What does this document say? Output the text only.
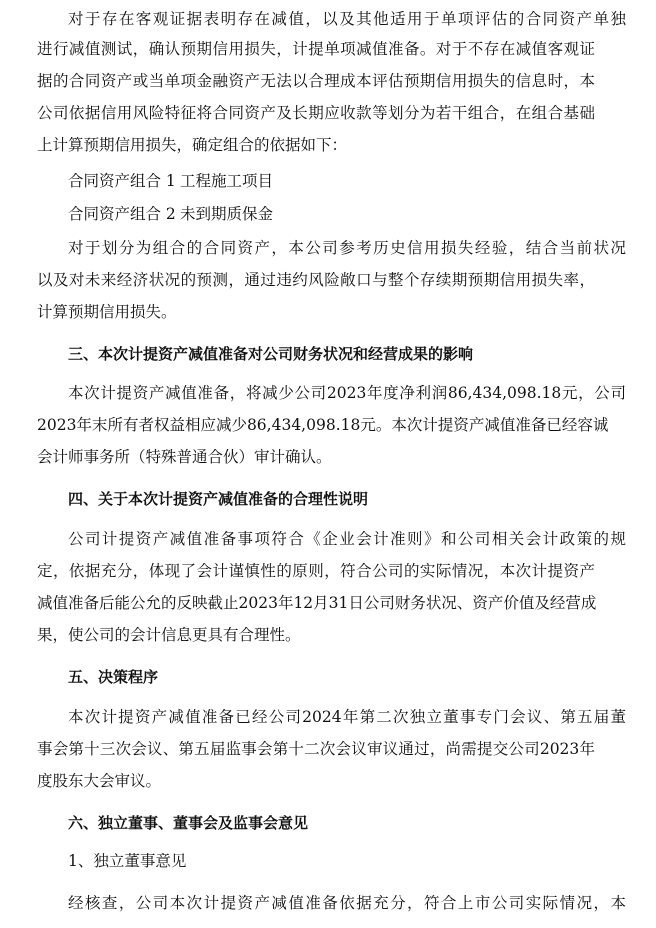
对于存在客观证据表明存在减值，以及其他适用于单项评估的合同资产单独
进行减值测试，确认预期信用损失，计提单项减值准备。对于不存在减值客观证
据的合同资产或当单项金融资产无法以合理成本评估预期信用损失的信息时，本
公司依据信用风险特征将合同资产及长期应收款等划分为若干组合，在组合基础
上计算预期信用损失，确定组合的依据如下：
合同资产组合 1 工程施工项目
合同资产组合 2 未到期质保金
对于划分为组合的合同资产，本公司参考历史信用损失经验，结合当前状况
以及对未来经济状况的预测，通过违约风险敞口与整个存续期预期信用损失率，
计算预期信用损失。
三、本次计提资产减值准备对公司财务状况和经营成果的影响
本次计提资产减值准备，将减少公司2023年度净利润86,434,098.18元，公司
2023年末所有者权益相应减少86,434,098.18元。本次计提资产减值准备已经容诚
会计师事务所（特殊普通合伙）审计确认。
四、关于本次计提资产减值准备的合理性说明
公司计提资产减值准备事项符合《企业会计准则》和公司相关会计政策的规
定，依据充分，体现了会计谨慎性的原则，符合公司的实际情况，本次计提资产
减值准备后能公允的反映截止2023年12月31日公司财务状况、资产价值及经营成
果，使公司的会计信息更具有合理性。
五、决策程序
本次计提资产减值准备已经公司2024年第二次独立董事专门会议、第五届董
事会第十三次会议、第五届监事会第十二次会议审议通过，尚需提交公司2023年
度股东大会审议。
六、独立董事、董事会及监事会意见
1、独立董事意见
经核查，公司本次计提资产减值准备依据充分，符合上市公司实际情况，本
